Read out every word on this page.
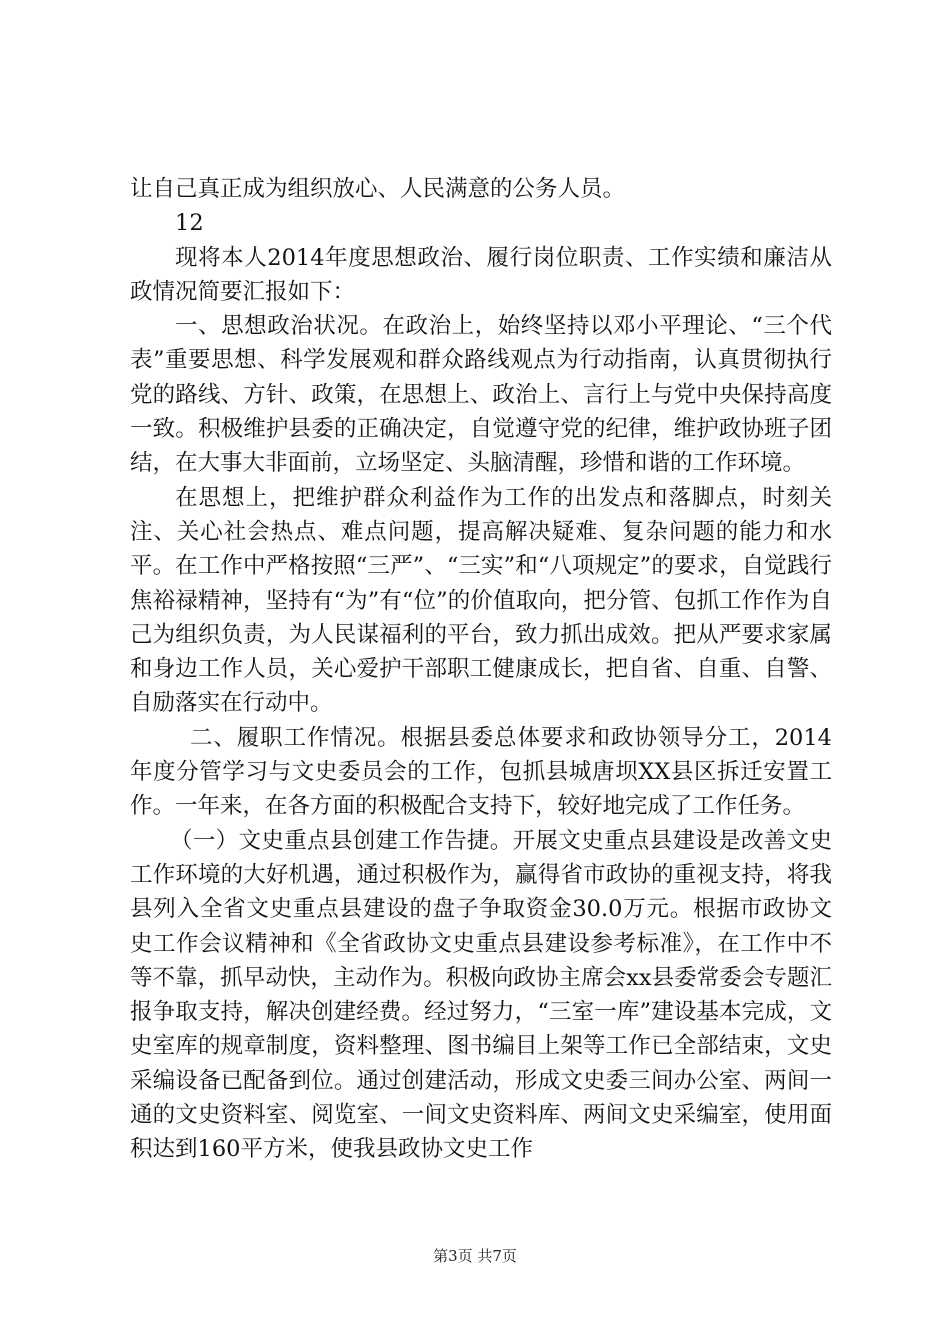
让自己真正成为组织放心、人民满意的公务人员。

12

现将本人2014年度思想政治、履行岗位职责、工作实绩和廉洁从政情况简要汇报如下：

一、思想政治状况。在政治上，始终坚持以邓小平理论、“三个代表”重要思想、科学发展观和群众路线观点为行动指南，认真贯彻执行党的路线、方针、政策，在思想上、政治上、言行上与党中央保持高度一致。积极维护县委的正确决定，自觉遵守党的纪律，维护政协班子团结，在大事大非面前，立场坚定、头脑清醒，珍惜和谐的工作环境。

在思想上，把维护群众利益作为工作的出发点和落脚点，时刻关注、关心社会热点、难点问题，提高解决疑难、复杂问题的能力和水平。在工作中严格按照“三严”、“三实”和“八项规定”的要求，自觉践行焦裕禄精神，坚持有“为”有“位”的价值取向，把分管、包抓工作作为自己为组织负责，为人民谋福利的平台，致力抓出成效。把从严要求家属和身边工作人员，关心爱护干部职工健康成长，把自省、自重、自警、自励落实在行动中。

二、履职工作情况。根据县委总体要求和政协领导分工，2014年度分管学习与文史委员会的工作，包抓县城唐坝XX县区拆迁安置工作。一年来，在各方面的积极配合支持下，较好地完成了工作任务。

（一）文史重点县创建工作告捷。开展文史重点县建设是改善文史工作环境的大好机遇，通过积极作为，赢得省市政协的重视支持，将我县列入全省文史重点县建设的盘子争取资金30.0万元。根据市政协文史工作会议精神和《全省政协文史重点县建设参考标准》，在工作中不等不靠，抓早动快，主动作为。积极向政协主席会xx县委常委会专题汇报争取支持，解决创建经费。经过努力，“三室一库”建设基本完成，文史室库的规章制度，资料整理、图书编目上架等工作已全部结束，文史采编设备已配备到位。通过创建活动，形成文史委三间办公室、两间一通的文史资料室、阅览室、一间文史资料库、两间文史采编室，使用面积达到160平方米，使我县政协文史工作

第3页 共7页
